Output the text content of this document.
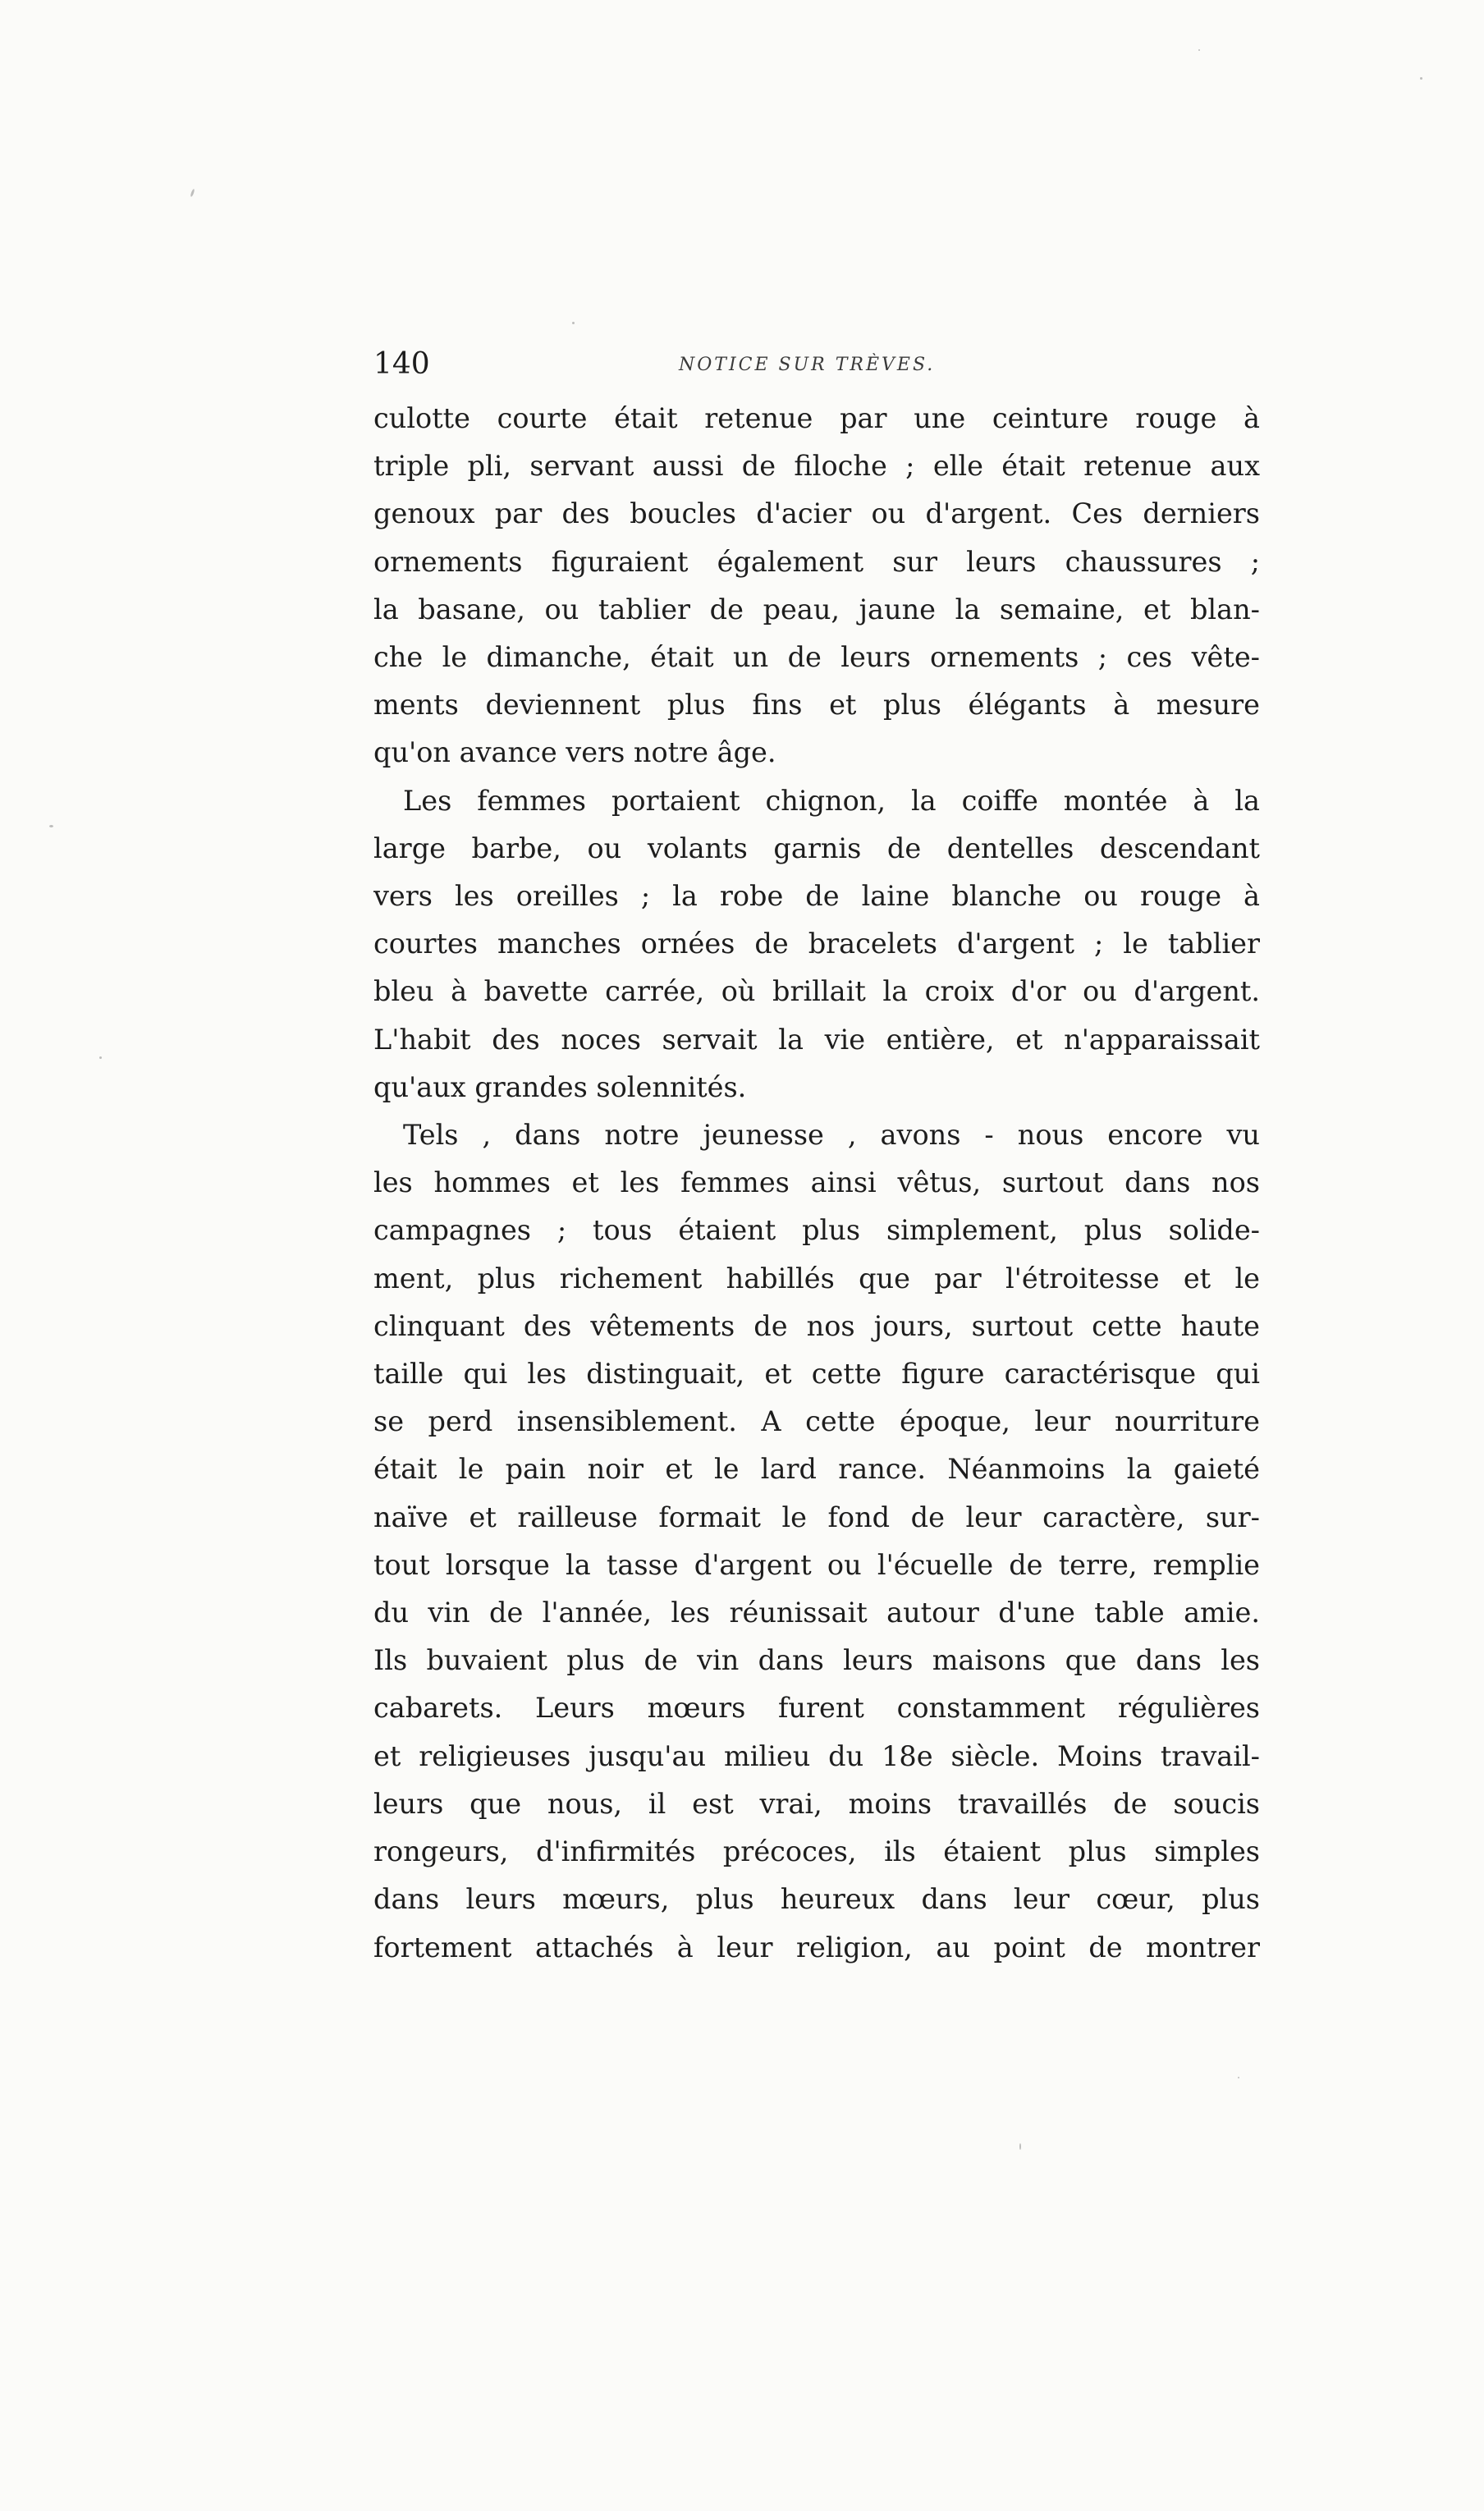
140	NOTICE SUR TRÈVES.
culotte courte était retenue par une ceinture rouge à
triple pli, servant aussi de filoche ; elle était retenue aux
genoux par des boucles d'acier ou d'argent. Ces derniers
ornements figuraient également sur leurs chaussures ;
la basane, ou tablier de peau, jaune la semaine, et blan-
che le dimanche, était un de leurs ornements ; ces vête-
ments deviennent plus fins et plus élégants à mesure
qu'on avance vers notre âge.
Les femmes portaient chignon, la coiffe montée à la
large barbe, ou volants garnis de dentelles descendant
vers les oreilles ; la robe de laine blanche ou rouge à
courtes manches ornées de bracelets d'argent ; le tablier
bleu à bavette carrée, où brillait la croix d'or ou d'argent.
L'habit des noces servait la vie entière, et n'apparaissait
qu'aux grandes solennités.
Tels , dans notre jeunesse , avons - nous encore vu
les hommes et les femmes ainsi vêtus, surtout dans nos
campagnes ; tous étaient plus simplement, plus solide-
ment, plus richement habillés que par l'étroitesse et le
clinquant des vêtements de nos jours, surtout cette haute
taille qui les distinguait, et cette figure caractérisque qui
se perd insensiblement. A cette époque, leur nourriture
était le pain noir et le lard rance. Néanmoins la gaieté
naïve et railleuse formait le fond de leur caractère, sur-
tout lorsque la tasse d'argent ou l'écuelle de terre, remplie
du vin de l'année, les réunissait autour d'une table amie.
Ils buvaient plus de vin dans leurs maisons que dans les
cabarets. Leurs mœurs furent constamment régulières
et religieuses jusqu'au milieu du 18e siècle. Moins travail-
leurs que nous, il est vrai, moins travaillés de soucis
rongeurs, d'infirmités précoces, ils étaient plus simples
dans leurs mœurs, plus heureux dans leur cœur, plus
fortement attachés à leur religion, au point de montrer
